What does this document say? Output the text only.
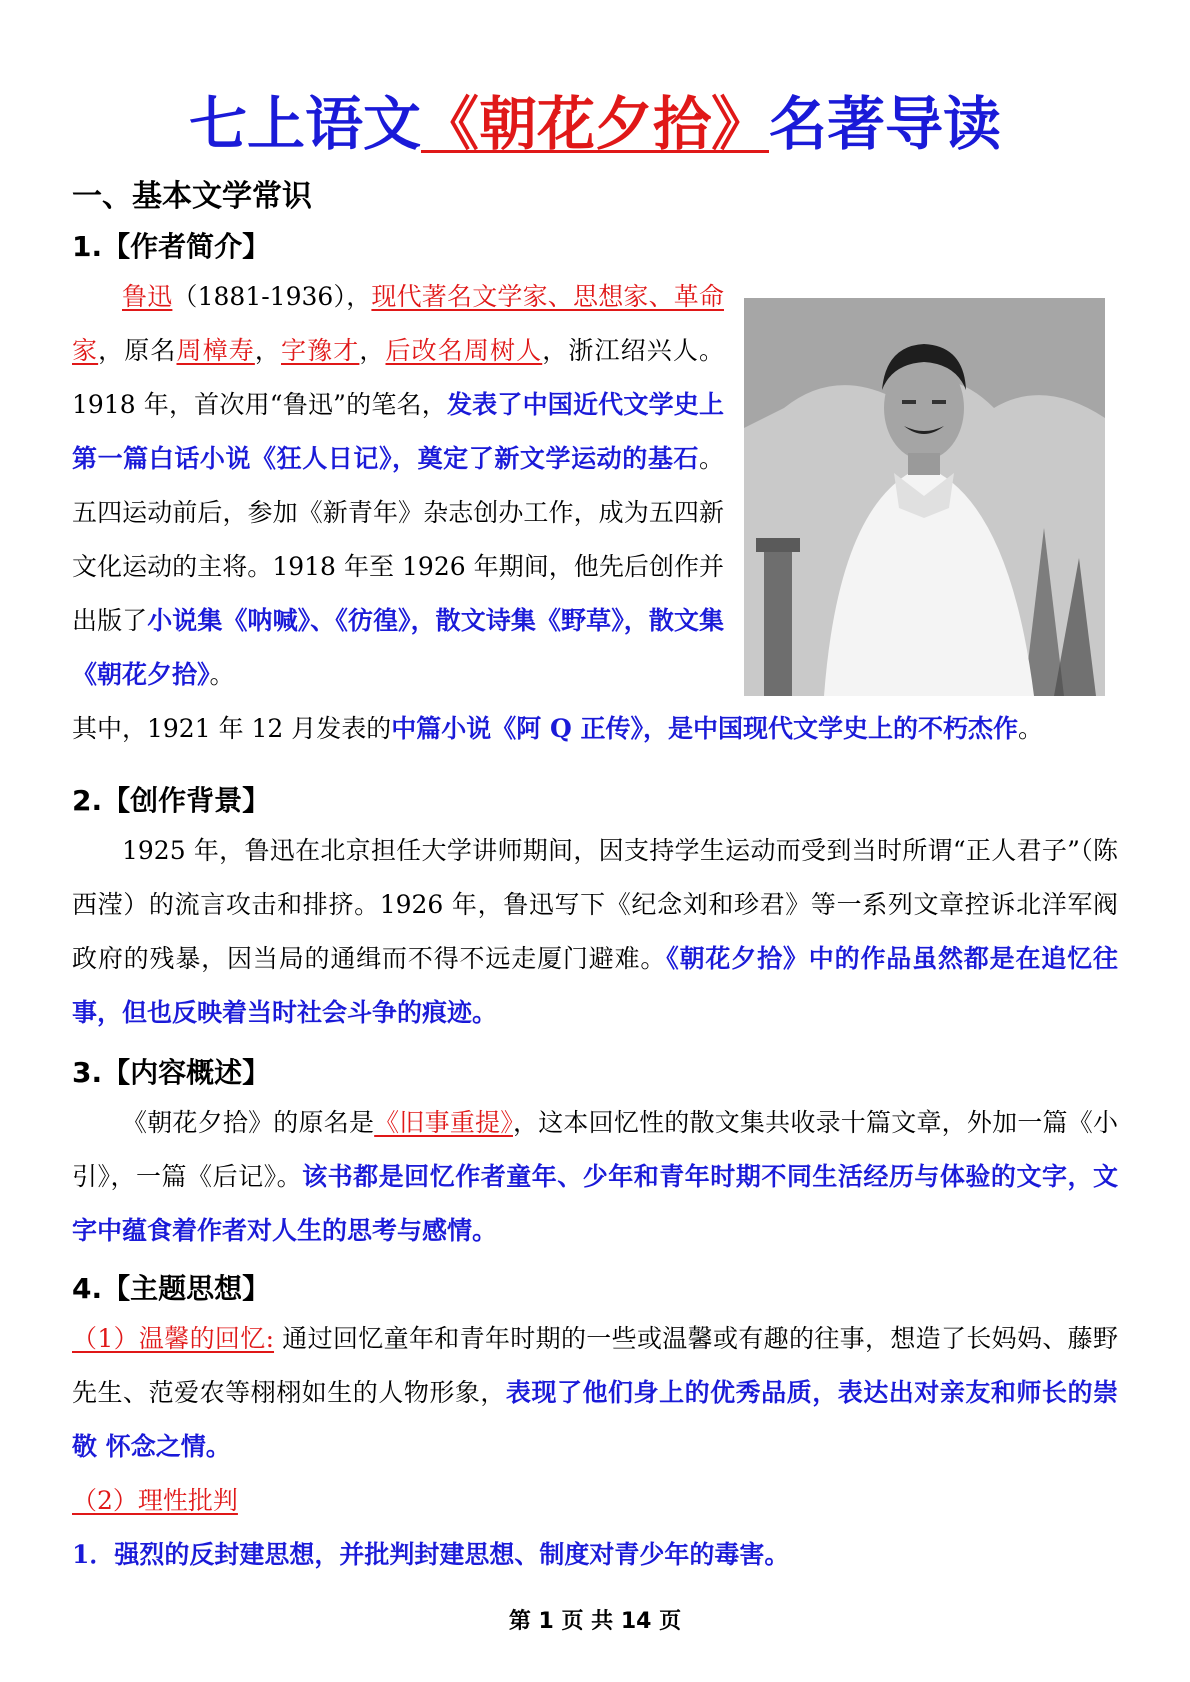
七上语文《朝花夕拾》名著导读
一、基本文学常识
1.【作者简介】
鲁迅（1881-1936），现代著名文学家、思想家、革命家，原名周樟寿，字豫才，后改名周树人，浙江绍兴人。1918 年，首次用“鲁迅”的笔名，发表了中国近代文学史上第一篇白话小说《狂人日记》，奠定了新文学运动的基石。五四运动前后，参加《新青年》杂志创办工作，成为五四新文化运动的主将。1918 年至 1926 年期间，他先后创作并出版了小说集《呐喊》、《彷徨》，散文诗集《野草》，散文集《朝花夕拾》。
其中，1921 年 12 月发表的中篇小说《阿 Q 正传》，是中国现代文学史上的不朽杰作。
2.【创作背景】
1925 年，鲁迅在北京担任大学讲师期间，因支持学生运动而受到当时所谓“正人君子”（陈西滢）的流言攻击和排挤。1926 年，鲁迅写下《纪念刘和珍君》等一系列文章控诉北洋军阀政府的残暴，因当局的通缉而不得不远走厦门避难。《朝花夕拾》中的作品虽然都是在追忆往事，但也反映着当时社会斗争的痕迹。
3.【内容概述】
《朝花夕拾》的原名是《旧事重提》，这本回忆性的散文集共收录十篇文章，外加一篇《小引》，一篇《后记》。该书都是回忆作者童年、少年和青年时期不同生活经历与体验的文字，文字中蕴食着作者对人生的思考与感情。
4.【主题思想】
（1）温馨的回忆: 通过回忆童年和青年时期的一些或温馨或有趣的往事，想造了长妈妈、藤野先生、范爱农等栩栩如生的人物形象，表现了他们身上的优秀品质，表达出对亲友和师长的崇敬 怀念之情。
（2）理性批判
1．强烈的反封建思想，并批判封建思想、制度对青少年的毒害。
第 1 页 共 14 页
